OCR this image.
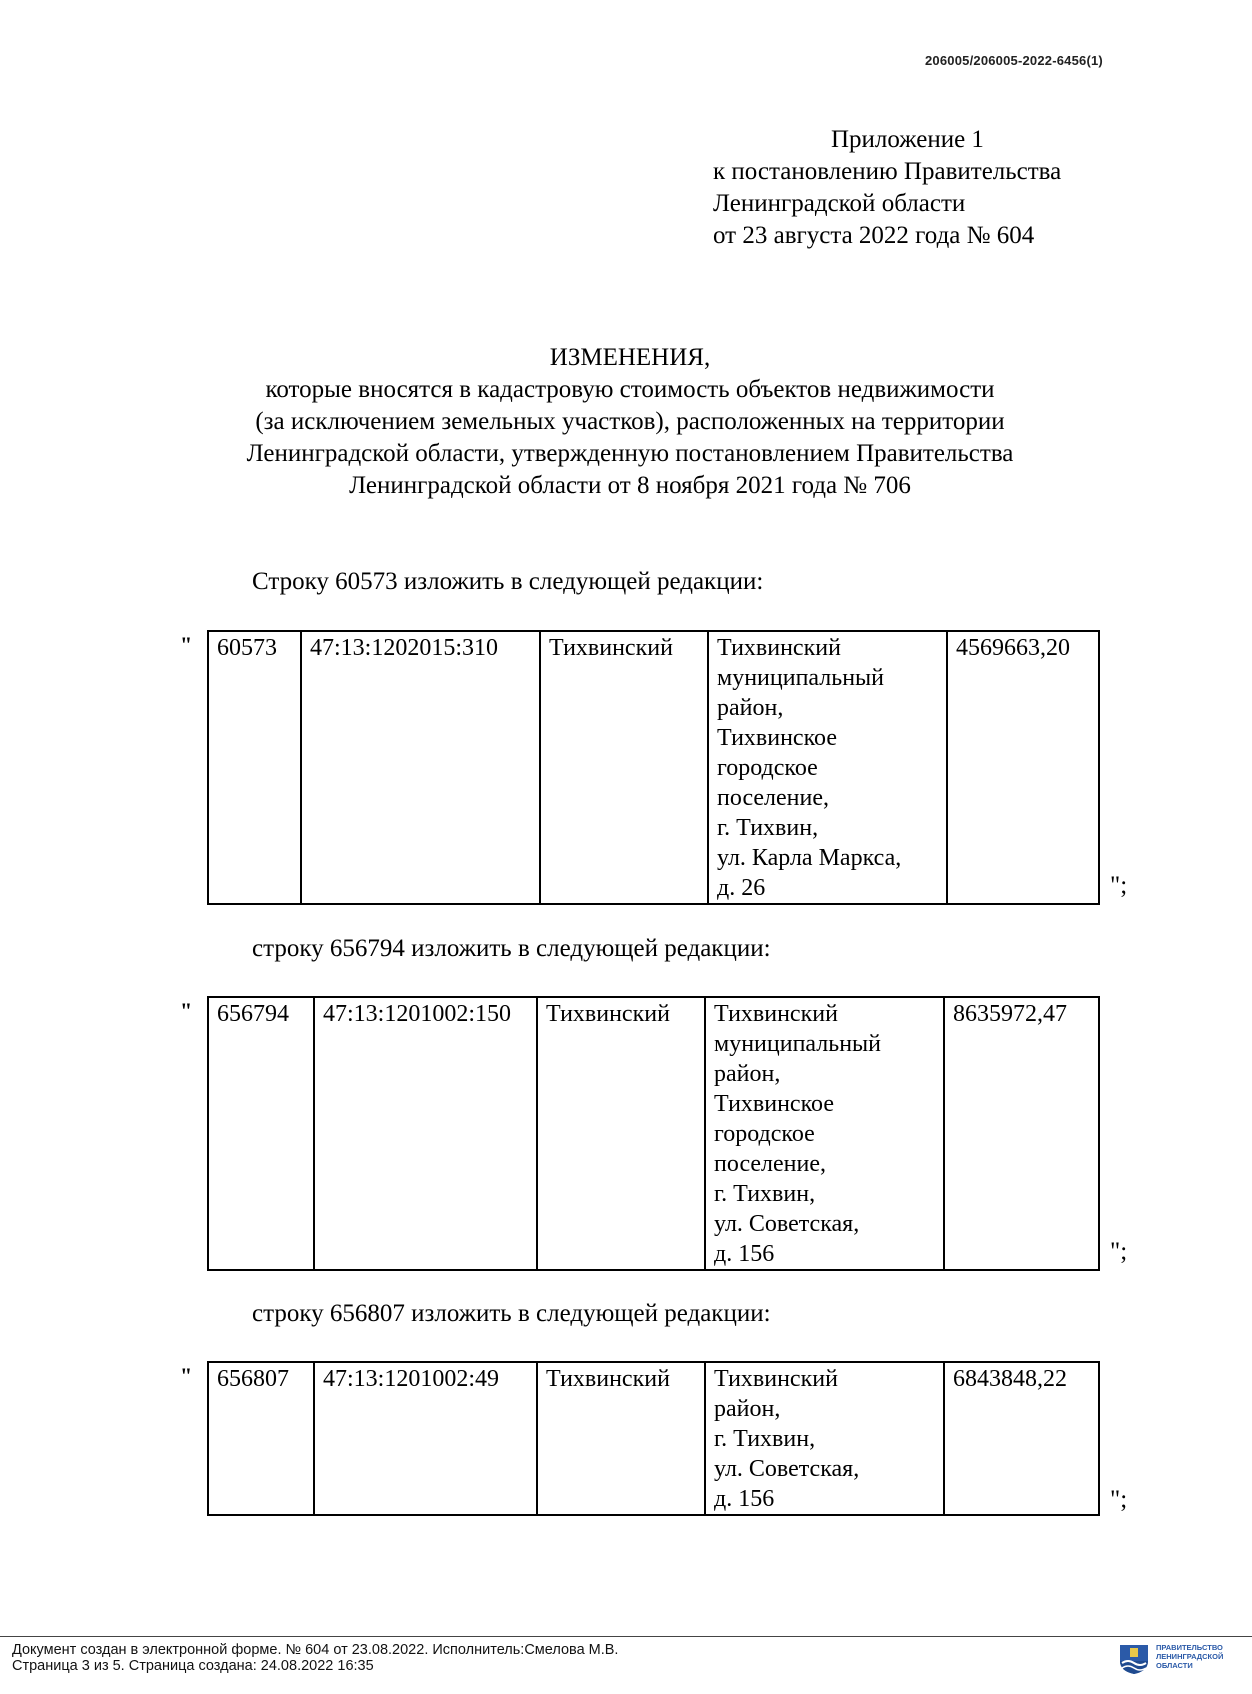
206005/206005-2022-6456(1)
Приложение 1
к постановлению Правительства
Ленинградской области
от 23 августа 2022 года № 604
ИЗМЕНЕНИЯ,
которые вносятся в кадастровую стоимость объектов недвижимости
(за исключением земельных участков), расположенных на территории
Ленинградской области, утвержденную постановлением Правительства
Ленинградской области от 8 ноября 2021 года № 706
Строку 60573 изложить в следующей редакции:
" 60573	47:13:1202015:310	Тихвинский	Тихвинский
муниципальный
район,
Тихвинское
городское
поселение,
г. Тихвин,
ул. Карла Маркса,
д. 26
	4569663,20
";
строку 656794 изложить в следующей редакции:
" 656794	47:13:1201002:150	Тихвинский	Тихвинский
муниципальный
район,
Тихвинское
городское
поселение,
г. Тихвин,
ул. Советская,
д. 156
	8635972,47
";
строку 656807 изложить в следующей редакции:
" 656807	47:13:1201002:49	Тихвинский	Тихвинский
район,
г. Тихвин,
ул. Советская,
д. 156
	6843848,22
";
Документ создан в электронной форме. № 604 от 23.08.2022. Исполнитель:Смелова М.В.
Страница 3 из 5. Страница создана: 24.08.2022 16:35
ПРАВИТЕЛЬСТВО
ЛЕНИНГРАДСКОЙ
ОБЛАСТИ
